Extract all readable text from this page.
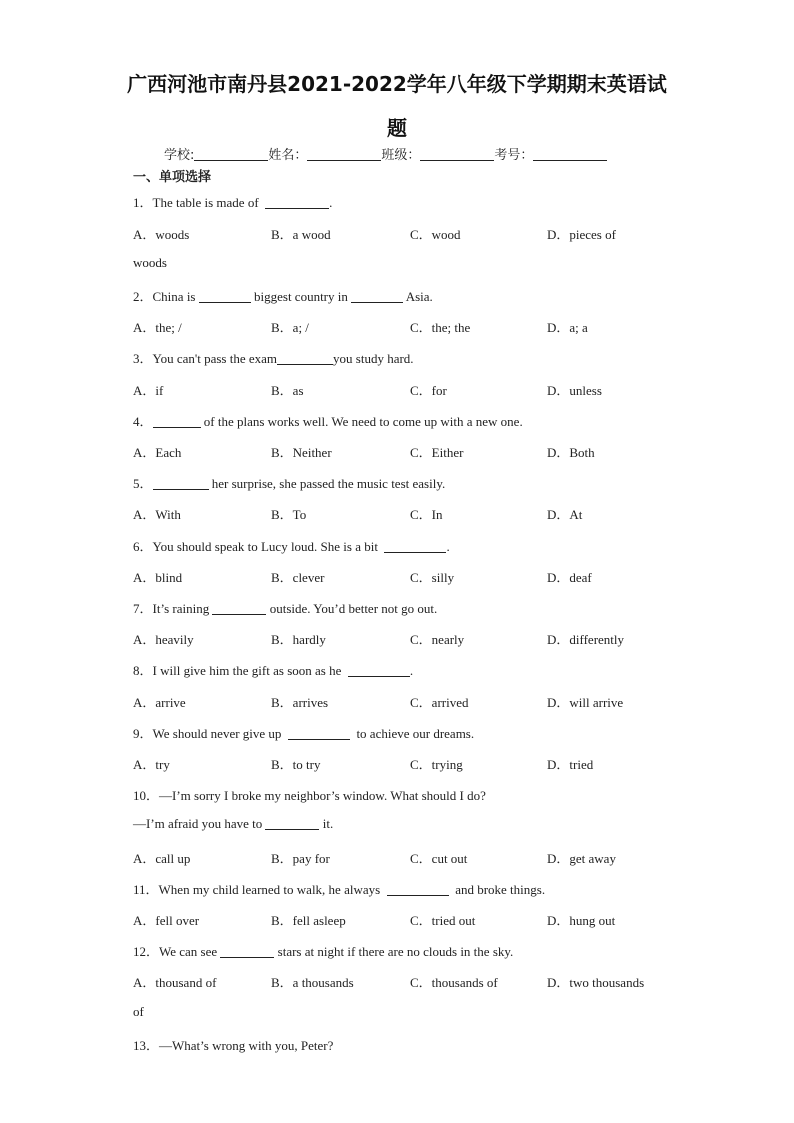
广西河池市南丹县2021-2022学年八年级下学期期末英语试
题
学校:	姓名：	班级：	考号：
一、单项选择
1．The table is made of	.
A．woods	B．a wood	C．wood	D．pieces of
woods
2．China is	biggest country in	Asia.
A．the; /	B．a; /	C．the; the	D．a; a
3．You can't pass the exam	you study hard.
A．if	B．as	C．for	D．unless
4．	of the plans works well. We need to come up with a new one.
A．Each	B．Neither	C．Either	D．Both
5．	her surprise, she passed the music test easily.
A．With	B．To	C．In	D．At
6．You should speak to Lucy loud. She is a bit	.
A．blind	B．clever	C．silly	D．deaf
7．It’s raining	outside. You’d better not go out.
A．heavily	B．hardly	C．nearly	D．differently
8．I will give him the gift as soon as he	.
A．arrive	B．arrives	C．arrived	D．will arrive
9．We should never give up	to achieve our dreams.
A．try	B．to try	C．trying	D．tried
10．—I’m sorry I broke my neighbor’s window. What should I do?
—I’m afraid you have to	it.
A．call up	B．pay for	C．cut out	D．get away
11．When my child learned to walk, he always	and broke things.
A．fell over	B．fell asleep	C．tried out	D．hung out
12．We can see	stars at night if there are no clouds in the sky.
A．thousand of	B．a thousands	C．thousands of	D．two thousands
of
13．—What’s wrong with you, Peter?
